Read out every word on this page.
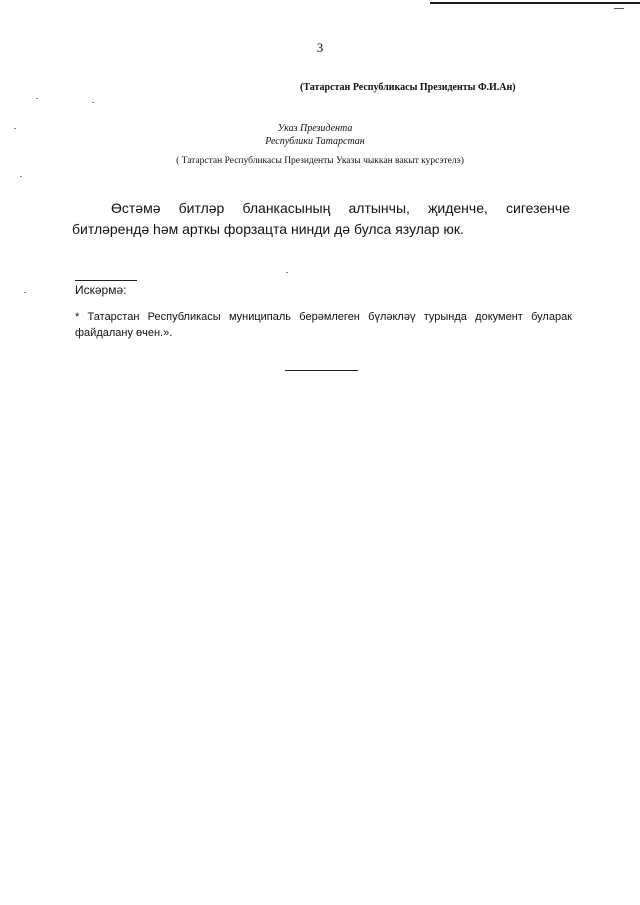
3
(Татарстан Республикасы Президенты Ф.И.Ан)
Указ Президента
Республики Татарстан
( Татарстан Республикасы Президенты Указы чыккан вакыт курсэтелэ)
Өстәмә битләр бланкасының алтынчы, җиденче, сигезенче битләрендә һәм арткы форзацта нинди дә булса язулар юк.
Искәрмә:
* Татарстан Республикасы муниципаль берәмлеген бүләкләү турында документ буларак файдалану өчен.».
